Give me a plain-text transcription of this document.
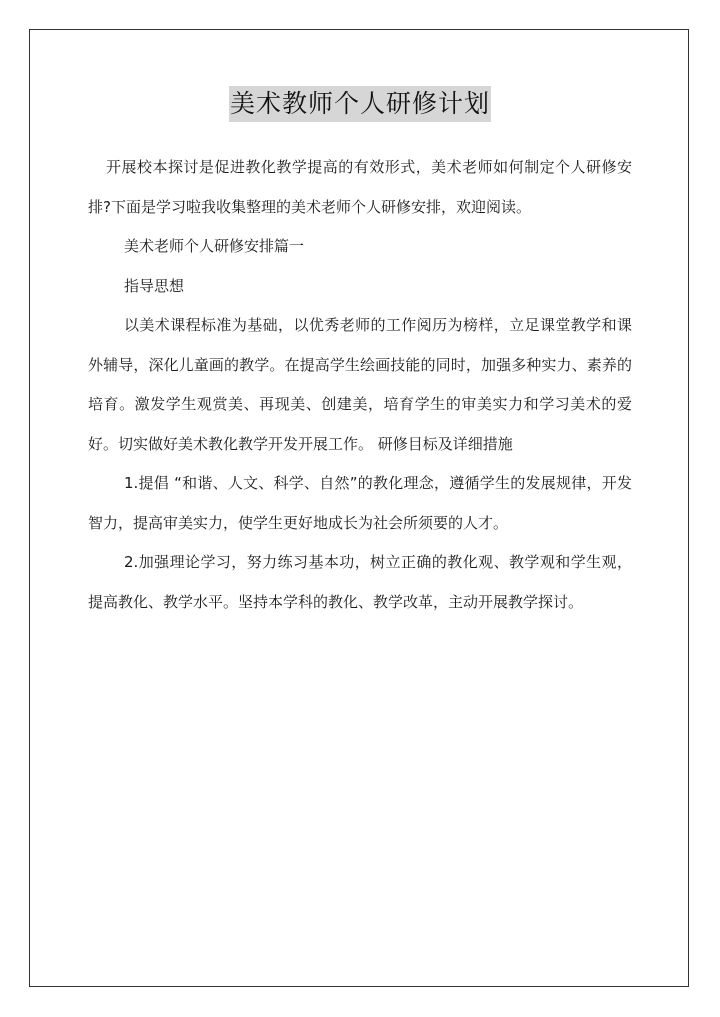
美术教师个人研修计划

开展校本探讨是促进教化教学提高的有效形式，美术老师如何制定个人研修安排?下面是学习啦我收集整理的美术老师个人研修安排，欢迎阅读。

美术老师个人研修安排篇一

指导思想

以美术课程标准为基础，以优秀老师的工作阅历为榜样，立足课堂教学和课外辅导，深化儿童画的教学。在提高学生绘画技能的同时，加强多种实力、素养的培育。激发学生观赏美、再现美、创建美，培育学生的审美实力和学习美术的爱好。切实做好美术教化教学开发开展工作。 研修目标及详细措施

1.提倡 “和谐、人文、科学、自然”的教化理念，遵循学生的发展规律，开发智力，提高审美实力，使学生更好地成长为社会所须要的人才。

2.加强理论学习，努力练习基本功，树立正确的教化观、教学观和学生观，提高教化、教学水平。坚持本学科的教化、教学改革，主动开展教学探讨。
